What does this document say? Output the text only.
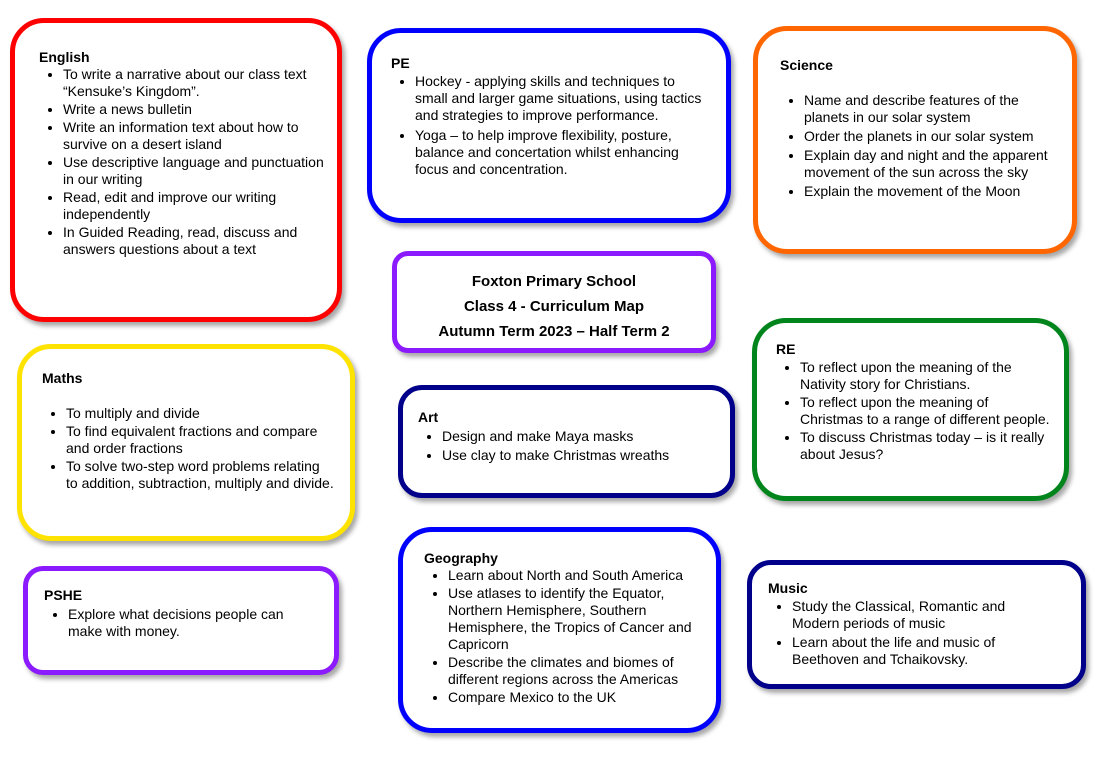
English
• To write a narrative about our class text “Kensuke’s Kingdom”.
• Write a news bulletin
• Write an information text about how to survive on a desert island
• Use descriptive language and punctuation in our writing
• Read, edit and improve our writing independently
• In Guided Reading, read, discuss and answers questions about a text
PE
• Hockey - applying skills and techniques to small and larger game situations, using tactics and strategies to improve performance.
• Yoga – to help improve flexibility, posture, balance and concertation whilst enhancing focus and concentration.
Science
• Name and describe features of the planets in our solar system
• Order the planets in our solar system
• Explain day and night and the apparent movement of the sun across the sky
• Explain the movement of the Moon
Foxton Primary School
Class 4 - Curriculum Map
Autumn Term 2023 – Half Term 2
Maths
• To multiply and divide
• To find equivalent fractions and compare and order fractions
• To solve two-step word problems relating to addition, subtraction, multiply and divide.
Art
• Design and make Maya masks
• Use clay to make Christmas wreaths
RE
• To reflect upon the meaning of the Nativity story for Christians.
• To reflect upon the meaning of Christmas to a range of different people.
• To discuss Christmas today – is it really about Jesus?
PSHE
• Explore what decisions people can make with money.
Geography
• Learn about North and South America
• Use atlases to identify the Equator, Northern Hemisphere, Southern Hemisphere, the Tropics of Cancer and Capricorn
• Describe the climates and biomes of different regions across the Americas
• Compare Mexico to the UK
Music
• Study the Classical, Romantic and Modern periods of music
• Learn about the life and music of Beethoven and Tchaikovsky.
